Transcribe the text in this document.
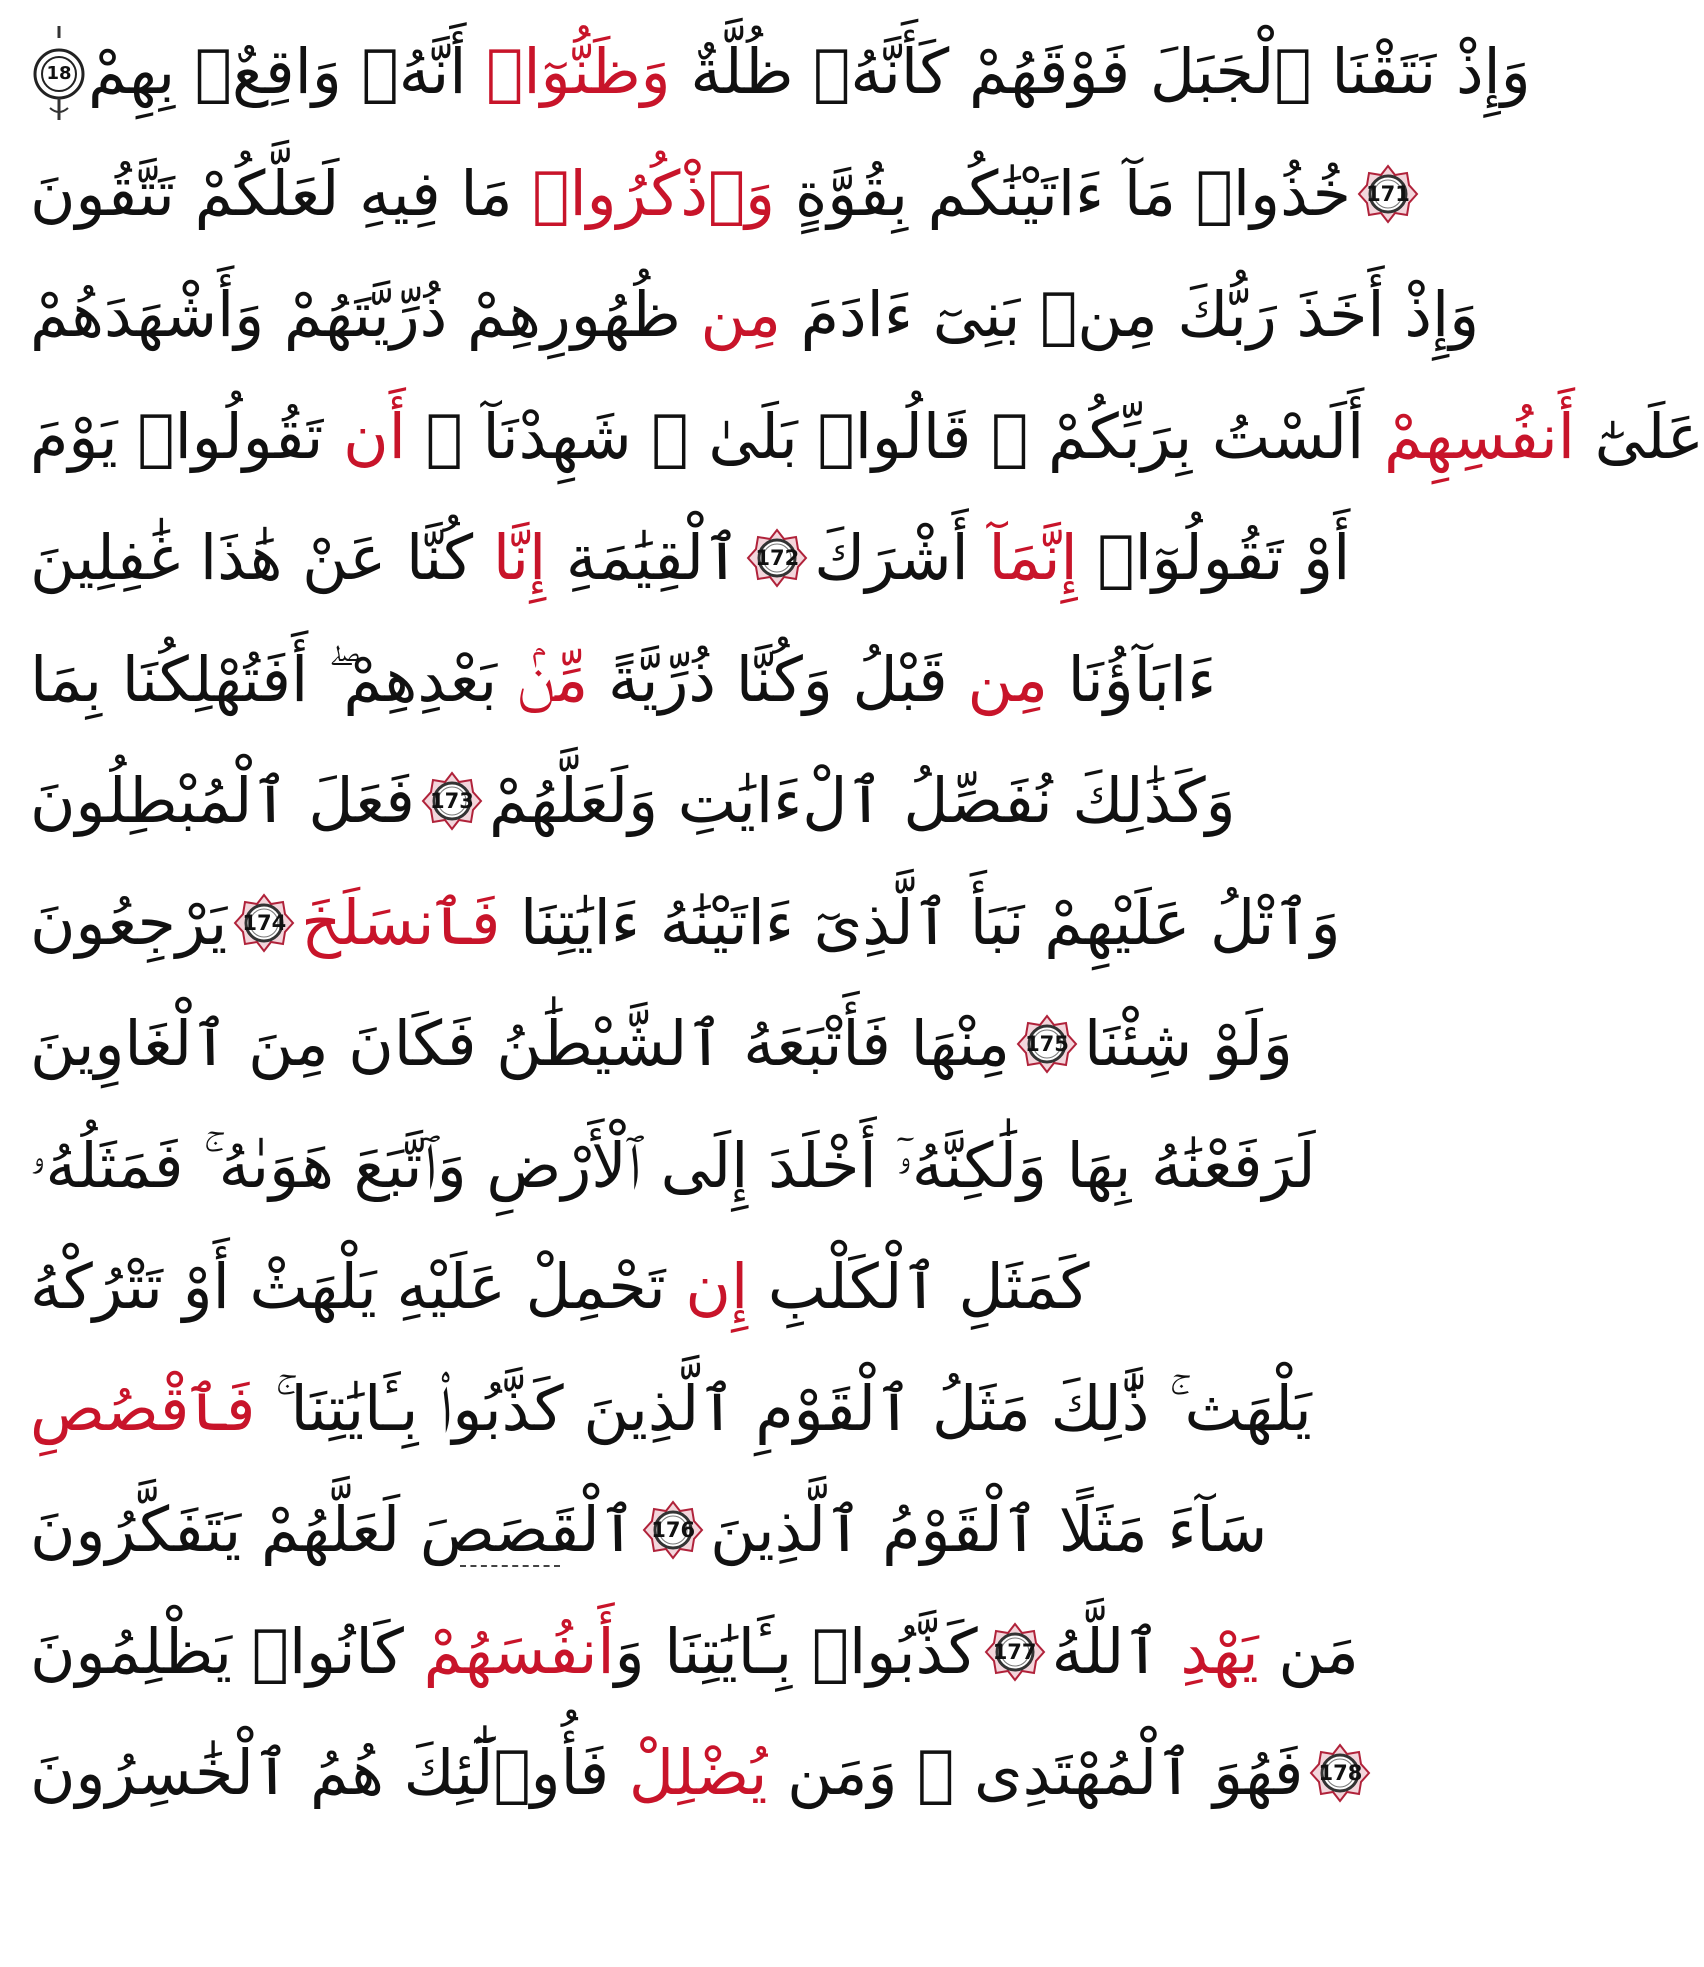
18	وَإِذْ نَتَقْنَا ٱلْجَبَلَ فَوْقَهُمْ كَأَنَّهُۥ ظُلَّةٌ وَظَنُّوٓا۟ أَنَّهُۥ وَاقِعٌۢ بِهِمْ
خُذُوا۟ مَآ ءَاتَيْنَٰكُم بِقُوَّةٍ وَٱذْكُرُوا۟ مَا فِيهِ لَعَلَّكُمْ تَتَّقُونَ	171
وَإِذْ أَخَذَ رَبُّكَ مِنۢ بَنِىٓ ءَادَمَ مِن ظُهُورِهِمْ ذُرِّيَّتَهُمْ وَأَشْهَدَهُمْ
عَلَىٰٓ أَنفُسِهِمْ أَلَسْتُ بِرَبِّكُمْ ۖ قَالُوا۟ بَلَىٰ ۛ شَهِدْنَآ ۛ أَن تَقُولُوا۟ يَوْمَ
ٱلْقِيَٰمَةِ إِنَّا كُنَّا عَنْ هَٰذَا غَٰفِلِينَ	172	أَوْ تَقُولُوٓا۟ إِنَّمَآ أَشْرَكَ
ءَابَآؤُنَا مِن قَبْلُ وَكُنَّا ذُرِّيَّةً مِّنۢ بَعْدِهِمْ ۖ أَفَتُهْلِكُنَا بِمَا
فَعَلَ ٱلْمُبْطِلُونَ 173 وَكَذَٰلِكَ نُفَصِّلُ ٱلْءَايَٰتِ وَلَعَلَّهُمْ
يَرْجِعُونَ 174	وَٱتْلُ عَلَيْهِمْ نَبَأَ ٱلَّذِىٓ ءَاتَيْنَٰهُ ءَايَٰتِنَا فَٱنسَلَخَ
مِنْهَا فَأَتْبَعَهُ ٱلشَّيْطَٰنُ فَكَانَ مِنَ ٱلْغَاوِينَ 175 وَلَوْ شِئْنَا
لَرَفَعْنَٰهُ بِهَا وَلَٰكِنَّهُۥٓ أَخْلَدَ إِلَى ٱلْأَرْضِ وَٱتَّبَعَ هَوَىٰهُ ۚ فَمَثَلُهُۥ
كَمَثَلِ ٱلْكَلْبِ إِن تَحْمِلْ عَلَيْهِ يَلْهَثْ أَوْ تَتْرُكْهُ
يَلْهَث ۚ ذَّٰلِكَ مَثَلُ ٱلْقَوْمِ ٱلَّذِينَ كَذَّبُوا۟ بِـَٔايَٰتِنَا ۚ فَٱقْصُصِ
ٱلْقَصَصَ لَعَلَّهُمْ يَتَفَكَّرُونَ 176 سَآءَ مَثَلًا ٱلْقَوْمُ ٱلَّذِينَ
كَذَّبُوا۟ بِـَٔايَٰتِنَا وَأَنفُسَهُمْ كَانُوا۟ يَظْلِمُونَ	177	مَن يَهْدِ ٱللَّهُ
فَهُوَ ٱلْمُهْتَدِى ۖ وَمَن يُضْلِلْ فَأُو۟لَٰٓئِكَ هُمُ ٱلْخَٰسِرُونَ	178
